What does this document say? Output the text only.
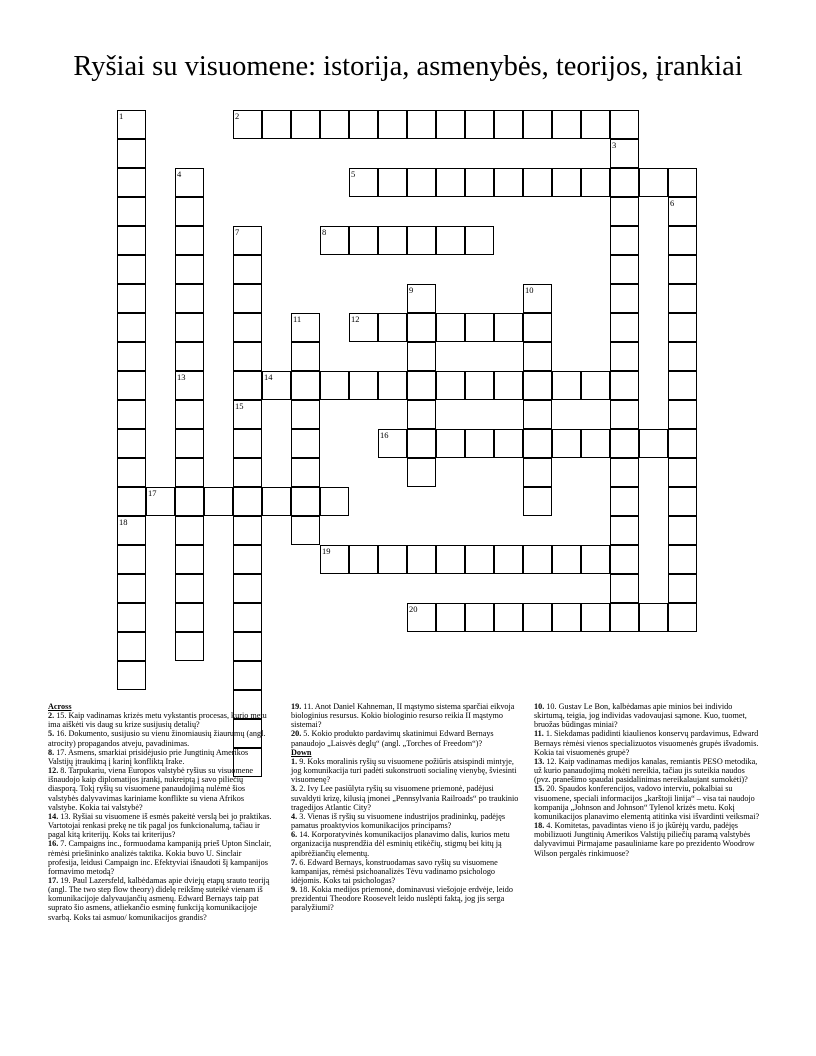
Ryšiai su visuomene: istorija, asmenybės, teorijos, įrankiai
2
5
8
12
14
16
17
19
20
1
18
3
4
13
6
7
15
9	10
11
Across
2. 15. Kaip vadinamas krizės metu vykstantis procesas, kurio metu ima aiškėti vis daug su krize susijusių detalių?
5. 16. Dokumento, susijusio su vienu žinomiausių žiaurumų (angl. atrocity) propagandos atveju, pavadinimas.
8. 17. Asmens, smarkiai prisidėjusio prie Jungtinių Amerikos Valstijų įtraukimą į karinį konfliktą Irake.
12. 8. Tarpukariu, viena Europos valstybė ryšius su visuomene išnaudojo kaip diplomatijos įrankį, nukreiptą į savo piliečių diasporą. Tokį ryšių su visuomene panaudojimą nulėmė šios valstybės dalyvavimas kariniame konflikte su viena Afrikos valstybe. Kokia tai valstybė?
14. 13. Ryšiai su visuomene iš esmės pakeitė verslą bei jo praktikas. Vartotojai renkasi prekę ne tik pagal jos funkcionalumą, tačiau ir pagal kitą kriterijų. Koks tai kriterijus?
16. 7. Campaigns inc., formuodama kampaniją prieš Upton Sinclair, rėmėsi priešininko analizės taktika. Kokia buvo U. Sinclair profesija, leidusi Campaign inc. Efektyviai išnaudoti šį kampanijos formavimo metodą?
17. 19. Paul Lazersfeld, kalbėdamas apie dviejų etapų srauto teoriją (angl. The two step flow theory) didelę reikšmę suteikė vienam iš komunikacijoje dalyvaujančių asmenų. Edward Bernays taip pat suprato šio asmens, atliekančio esminę funkciją komunikacijoje svarbą. Koks tai asmuo/ komunikacijos grandis?
19. 11. Anot Daniel Kahneman, II mąstymo sistema sparčiai eikvoja biologinius resursus. Kokio biologinio resurso reikia II mąstymo sistemai?
20. 5. Kokio produkto pardavimų skatinimui Edward Bernays panaudojo „Laisvės deglų“ (angl. „Torches of Freedom“)?
Down
1. 9. Koks moralinis ryšių su visuomene požiūris atsispindi mintyje, jog komunikacija turi padėti sukonstruoti socialinę vienybę, šviesinti visuomenę?
3. 2. Ivy Lee pasiūlyta ryšių su visuomene priemonė, padėjusi suvaldyti krizę, kilusią įmonei „Pennsylvania Railroads“ po traukinio tragedijos Atlantic City?
4. 3. Vienas iš ryšių su visuomene industrijos pradininkų, padėjęs pamatus proaktyvios komunikacijos principams?
6. 14. Korporatyvinės komunikacijos planavimo dalis, kurios metu organizacija nusprendžia dėl esminių etikėčių, stigmų bei kitų ją apibrėžiančių elementų.
7. 6. Edward Bernays, konstruodamas savo ryšių su visuomene kampanijas, rėmėsi psichoanalizės Tėvu vadinamo psichologo idėjomis. Koks tai psichologas?
9. 18. Kokia medijos priemonė, dominavusi viešojoje erdvėje, leido prezidentui Theodore Roosevelt leido nuslėpti faktą, jog jis serga paralyžiumi?
10. 10. Gustav Le Bon, kalbėdamas apie minios bei individo skirtumą, teigia, jog individas vadovaujasi sąmone. Kuo, tuomet, bruožas būdingas miniai?
11. 1. Siekdamas padidinti kiaulienos konservų pardavimus, Edward Bernays rėmėsi vienos specializuotos visuomenės grupės išvadomis. Kokia tai visuomenės grupė?
13. 12. Kaip vadinamas medijos kanalas, remiantis PESO metodika, už kurio panaudojimą mokėti nereikia, tačiau jis suteikia naudos (pvz. pranešimo spaudai pasidalinimas nereikalaujant sumokėti)?
15. 20. Spaudos konferencijos, vadovo interviu, pokalbiai su visuomene, speciali informacijos „karštoji linija“ – visa tai naudojo kompanija „Johnson and Johnson“ Tylenol krizės metu. Kokį komunikacijos planavimo elementą atitinka visi išvardinti veiksmai?
18. 4. Komitetas, pavadintas vieno iš jo įkūrėjų vardu, padėjęs mobilizuoti Jungtinių Amerikos Valstijų piliečių paramą valstybės dalyvavimui Pirmajame pasauliniame kare po prezidento Woodrow Wilson pergalės rinkimuose?
